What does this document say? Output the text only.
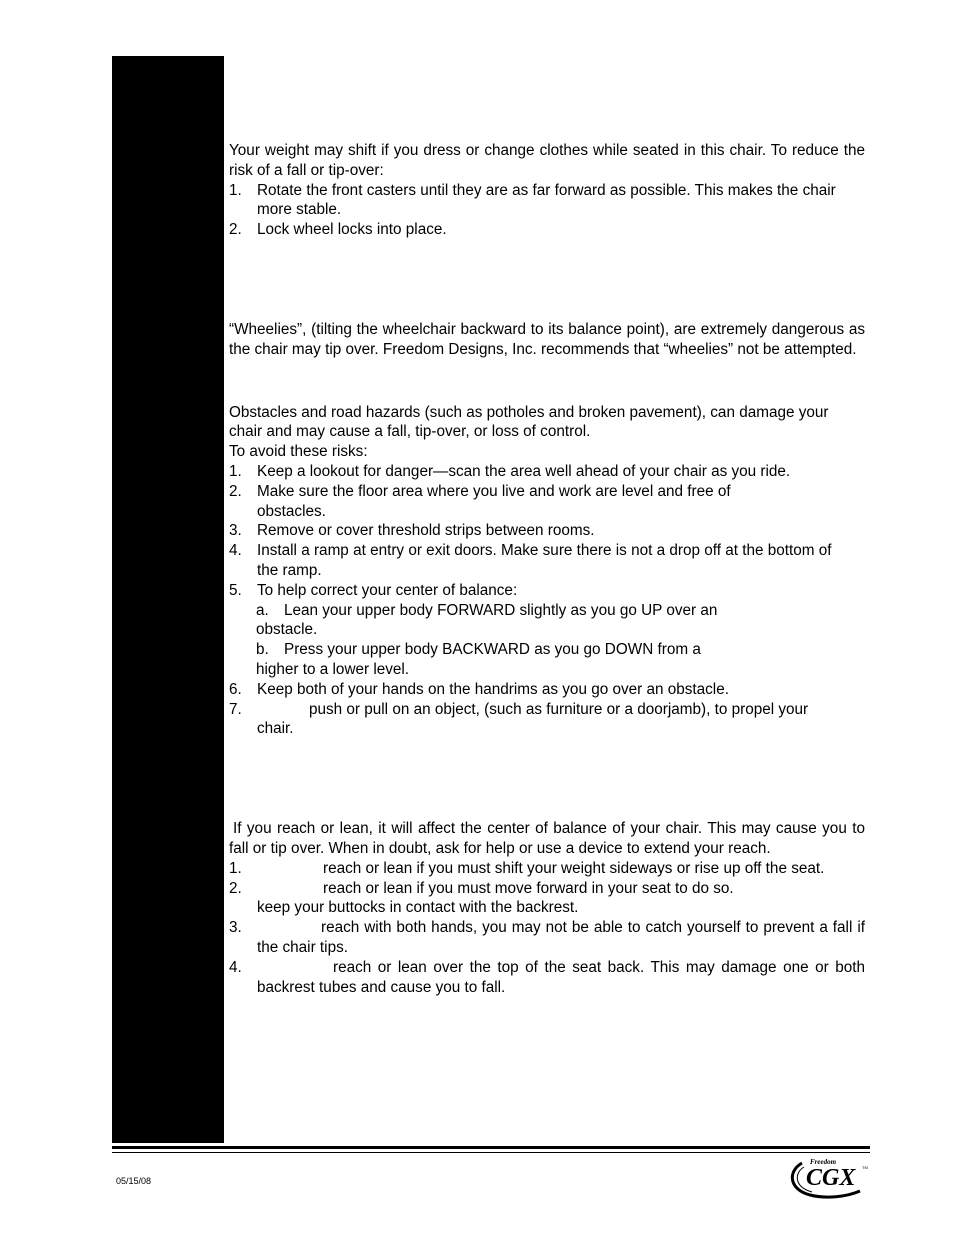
Your weight may shift if you dress or change clothes while seated in this chair. To reduce the risk of a fall or tip-over:

1. Rotate the front casters until they are as far forward as possible. This makes the chair more stable.
2. Lock wheel locks into place.

“Wheelies”, (tilting the wheelchair backward to its balance point), are extremely dangerous as the chair may tip over. Freedom Designs, Inc. recommends that “wheelies” not be attempted.

Obstacles and road hazards (such as potholes and broken pavement), can damage your chair and may cause a fall, tip-over, or loss of control.

To avoid these risks:

1. Keep a lookout for danger—scan the area well ahead of your chair as you ride.
2. Make sure the floor area where you live and work are level and free of obstacles.
3. Remove or cover threshold strips between rooms.
4. Install a ramp at entry or exit doors. Make sure there is not a drop off at the bottom of the ramp.
5. To help correct your center of balance:
a. Lean your upper body FORWARD slightly as you go UP over an
obstacle.
b. Press your upper body BACKWARD as you go DOWN from a
higher to a lower level.
6. Keep both of your hands on the handrims as you go over an obstacle.
7.	push or pull on an object, (such as furniture or a doorjamb), to propel your chair.

If you reach or lean, it will affect the center of balance of your chair. This may cause you to fall or tip over. When in doubt, ask for help or use a device to extend your reach.

1.	reach or lean if you must shift your weight sideways or rise up off the seat.
2.	reach or lean if you must move forward in your seat to do so.
keep your buttocks in contact with the backrest.
3.	reach with both hands, you may not be able to catch yourself to prevent a fall if the chair tips.
4.	reach or lean over the top of the seat back. This may damage one or both backrest tubes and cause you to fall.
05/15/08
Freedom
CGX TM
